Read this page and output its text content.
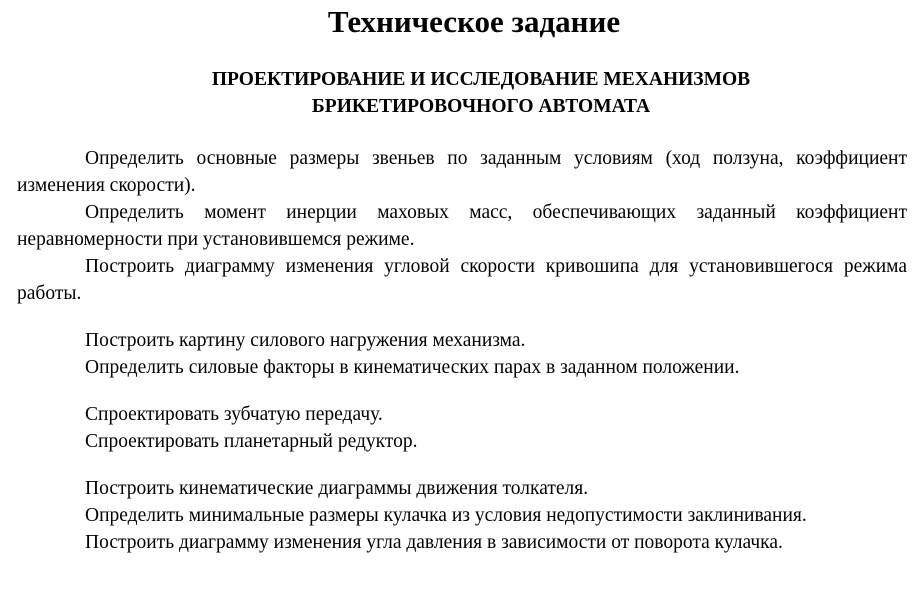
Техническое задание
ПРОЕКТИРОВАНИЕ И ИССЛЕДОВАНИЕ МЕХАНИЗМОВ
БРИКЕТИРОВОЧНОГО АВТОМАТА

Определить основные размеры звеньев по заданным условиям (ход ползуна, коэффициент изменения скорости).

Определить момент инерции маховых масс, обеспечивающих заданный коэффициент неравномерности при установившемся режиме.

Построить диаграмму изменения угловой скорости кривошипа для установившегося режима работы.

Построить картину силового нагружения механизма.

Определить силовые факторы в кинематических парах в заданном положении.

Спроектировать зубчатую передачу.

Спроектировать планетарный редуктор.

Построить кинематические диаграммы движения толкателя.

Определить минимальные размеры кулачка из условия недопустимости заклинивания.

Построить диаграмму изменения угла давления в зависимости от поворота кулачка.
